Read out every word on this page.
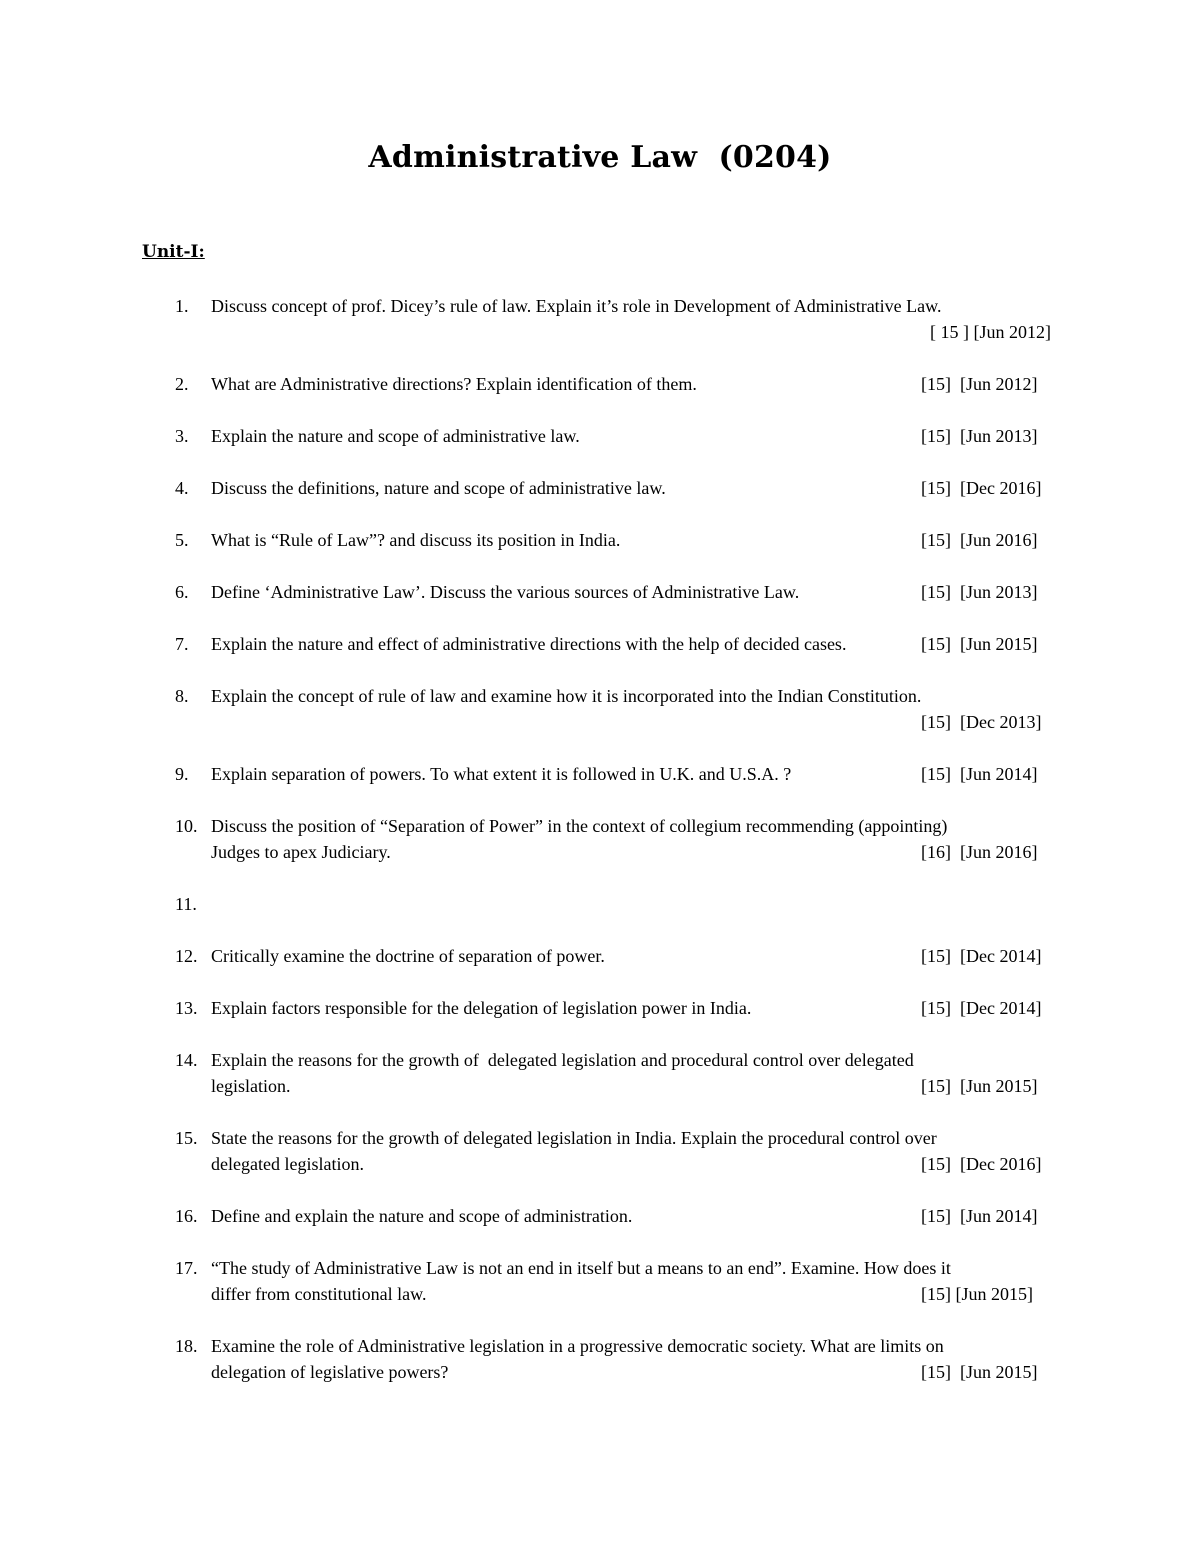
Administrative Law  (0204)
Unit-I:
1. Discuss concept of prof. Dicey’s rule of law. Explain it’s role in Development of Administrative Law.
[ 15 ] [Jun 2012]
2. What are Administrative directions? Explain identification of them.	[15]  [Jun 2012]
3. Explain the nature and scope of administrative law.	[15]  [Jun 2013]
4. Discuss the definitions, nature and scope of administrative law.	[15]  [Dec 2016]
5. What is “Rule of Law”? and discuss its position in India.	[15]  [Jun 2016]
6. Define ‘Administrative Law’. Discuss the various sources of Administrative Law.	[15]  [Jun 2013]
7. Explain the nature and effect of administrative directions with the help of decided cases.	[15]  [Jun 2015]
8. Explain the concept of rule of law and examine how it is incorporated into the Indian Constitution.
[15]  [Dec 2013]
9. Explain separation of powers. To what extent it is followed in U.K. and U.S.A. ?	[15]  [Jun 2014]
10. Discuss the position of “Separation of Power” in the context of collegium recommending (appointing)
Judges to apex Judiciary.	[16]  [Jun 2016]
11.
12. Critically examine the doctrine of separation of power.	[15]  [Dec 2014]
13. Explain factors responsible for the delegation of legislation power in India.	[15]  [Dec 2014]
14. Explain the reasons for the growth of  delegated legislation and procedural control over delegated
legislation.	[15]  [Jun 2015]
15. State the reasons for the growth of delegated legislation in India. Explain the procedural control over
delegated legislation.	[15]  [Dec 2016]
16. Define and explain the nature and scope of administration.	[15]  [Jun 2014]
17. “The study of Administrative Law is not an end in itself but a means to an end”. Examine. How does it
differ from constitutional law.	[15] [Jun 2015]
18. Examine the role of Administrative legislation in a progressive democratic society. What are limits on
delegation of legislative powers?	[15]  [Jun 2015]
